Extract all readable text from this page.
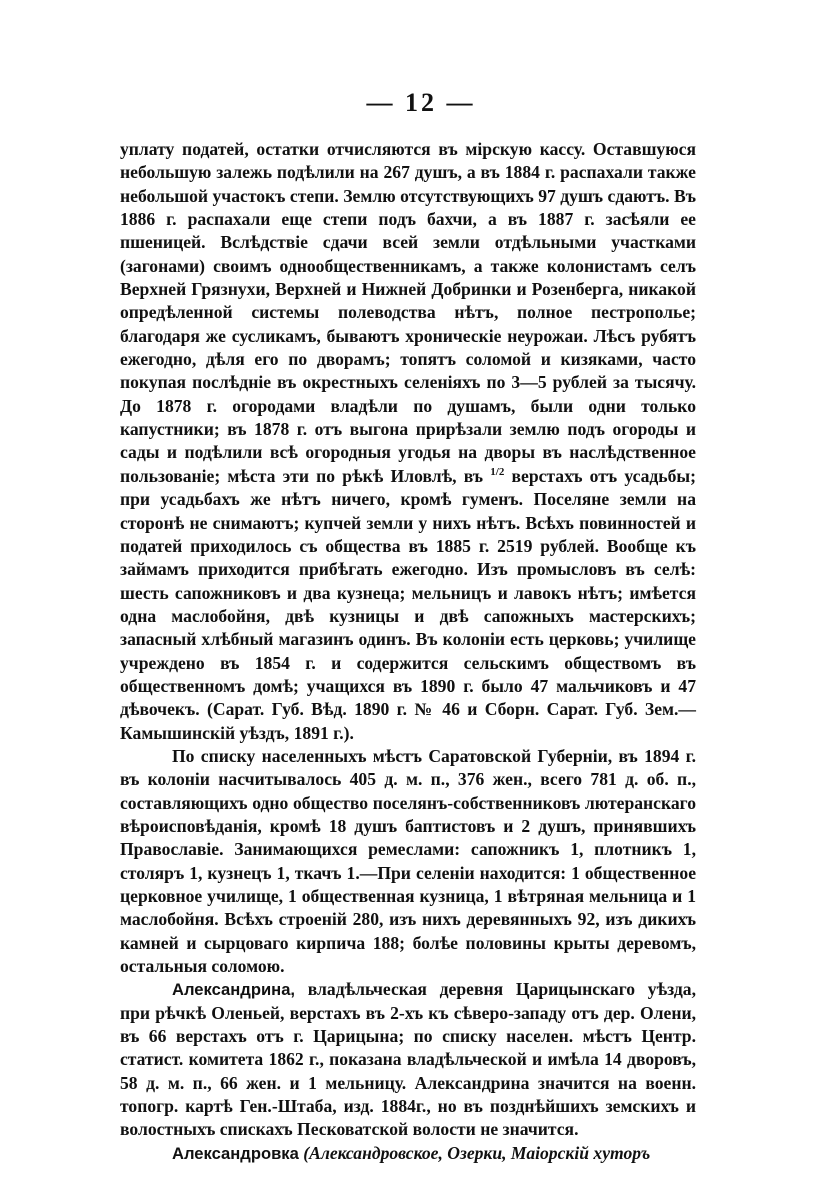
— 12 —

уплату податей, остатки отчисляются въ мірскую кассу. Оставшуюся небольшую залежь подѣлили на 267 душъ, а въ 1884 г. распахали также небольшой участокъ степи. Землю отсутствующихъ 97 душъ сдаютъ. Въ 1886 г. распахали еще степи подъ бахчи, а въ 1887 г. засѣяли ее пшеницей. Вслѣдствіе сдачи всей земли отдѣльными участками (загонами) своимъ однообщественникамъ, а также колонистамъ селъ Верхней Грязнухи, Верхней и Нижней Добринки и Розенберга, никакой опредѣленной системы полеводства нѣтъ, полное пестрополье; благодаря же сусликамъ, бываютъ хроническіе неурожаи. Лѣсъ рубятъ ежегодно, дѣля его по дворамъ; топятъ соломой и кизяками, часто покупая послѣдніе въ окрестныхъ селеніяхъ по 3—5 рублей за тысячу. До 1878 г. огородами владѣли по душамъ, были одни только капустники; въ 1878 г. отъ выгона прирѣзали землю подъ огороды и сады и подѣлили всѣ огородныя угодья на дворы въ наслѣдственное пользованіе; мѣста эти по рѣкѣ Иловлѣ, въ $^{1/2}$ верстахъ отъ усадьбы; при усадьбахъ же нѣтъ ничего, кромѣ гуменъ. Поселяне земли на сторонѣ не снимаютъ; купчей земли у нихъ нѣтъ. Всѣхъ повинностей и податей приходилось съ общества въ 1885 г. 2519 рублей. Вообще къ займамъ приходится прибѣгать ежегодно. Изъ промысловъ въ селѣ: шесть сапожниковъ и два кузнеца; мельницъ и лавокъ нѣтъ; имѣется одна маслобойня, двѣ кузницы и двѣ сапожныхъ мастерскихъ; запасный хлѣбный магазинъ одинъ. Въ колоніи есть церковь; училище учреждено въ 1854 г. и содержится сельскимъ обществомъ въ общественномъ домѣ; учащихся въ 1890 г. было 47 мальчиковъ и 47 дѣвочекъ. (Сарат. Губ. Вѣд. 1890 г. № 46 и Сборн. Сарат. Губ. Зем.—Камышинскій уѣздъ, 1891 г.).

По списку населенныхъ мѣстъ Саратовской Губерніи, въ 1894 г. въ колоніи насчитывалось 405 д. м. п., 376 жен., всего 781 д. об. п., составляющихъ одно общество поселянъ-собственниковъ лютеранскаго вѣроисповѣданія, кромѣ 18 душъ баптистовъ и 2 душъ, принявшихъ Православіе. Занимающихся ремеслами: сапожникъ 1, плотникъ 1, столяръ 1, кузнецъ 1, ткачъ 1.—При селеніи находится: 1 общественное церковное училище, 1 общественная кузница, 1 вѣтряная мельница и 1 маслобойня. Всѣхъ строеній 280, изъ нихъ деревянныхъ 92, изъ дикихъ камней и сырцоваго кирпича 188; болѣе половины крыты деревомъ, остальныя соломою.

Александрина, владѣльческая деревня Царицынскаго уѣзда, при рѣчкѣ Оленьей, верстахъ въ 2-хъ къ сѣверо-западу отъ дер. Олени, въ 66 верстахъ отъ г. Царицына; по списку населен. мѣстъ Центр. статист. комитета 1862 г., показана владѣльческой и имѣла 14 дворовъ, 58 д. м. п., 66 жен. и 1 мельницу. Александрина значится на военн. топогр. картѣ Ген.-Штаба, изд. 1884г., но въ позднѣйшихъ земскихъ и волостныхъ спискахъ Песковатской волости не значится.

Александровка (Александровское, Озерки, Маіорскій хуторъ
